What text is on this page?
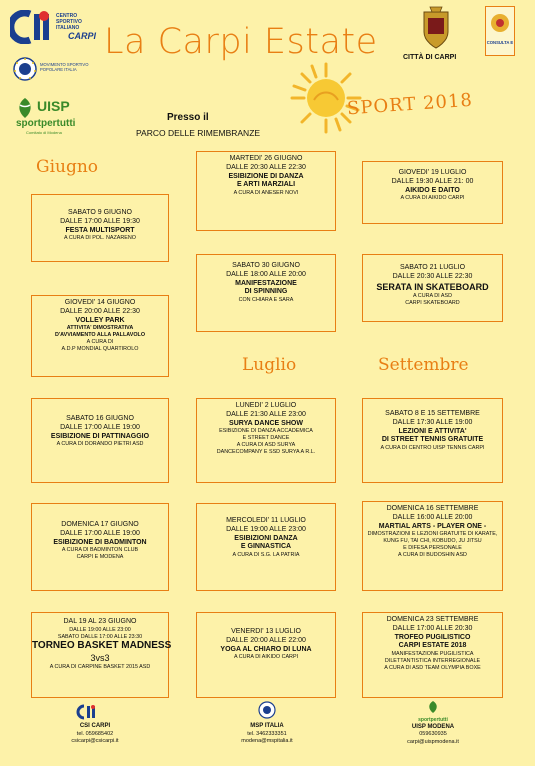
CENTRO
SPORTIVO
ITALIANO
CARPI
MOVIMENTO SPORTIVO
POPOLARE ITALIA
UISP
sportpertutti
Comitato di Modena
La Carpi Estate
SPORT 2018
CITTÀ DI CARPI
CONSULTA E
Presso il
PARCO DELLE RIMEMBRANZE
Giugno
Luglio	Settembre
MARTEDI' 26 GIUGNO
DALLE 20:30 ALLE 22:30
ESIBIZIONE DI DANZA
E ARTI MARZIALI
A CURA DI ANESER NOVI
GIOVEDI' 19 LUGLIO
DALLE 19:30 ALLE 21: 00
AIKIDO E DAITO
A CURA DI AIKIDO CARPI
SABATO 9 GIUGNO
DALLE 17:00 ALLE 19:30
FESTA MULTISPORT
A CURA DI POL. NAZARENO
SABATO 30 GIUGNO
DALLE 18:00 ALLE 20:00
MANIFESTAZIONE
DI SPINNING
CON CHIARA E SARA
SABATO 21 LUGLIO
DALLE 20:30 ALLE 22:30
SERATA IN SKATEBOARD
A CURA DI ASD
CARPI SKATEBOARD
GIOVEDI' 14 GIUGNO
DALLE 20:00 ALLE 22:30
VOLLEY PARK
ATTIVITA' DIMOSTRATIVA
D'AVVIAMENTO ALLA PALLAVOLO
A CURA DI
A.D.P MONDIAL QUARTIROLO
SABATO 16 GIUGNO
DALLE 17:00 ALLE 19:00
ESIBIZIONE DI PATTINAGGIO
A CURA DI DORANDO PIETRI ASD
LUNEDI' 2 LUGLIO
DALLE 21:30 ALLE 23:00
SURYA DANCE SHOW
ESIBIZIONE DI DANZA ACCADEMICA
E STREET DANCE
A CURA DI ASD SURYA
DANCECOMPANY E SSD SURYA A R.L.
SABATO 8 E 15 SETTEMBRE
DALLE 17:30 ALLE 19:00
LEZIONI E ATTIVITA'
DI STREET TENNIS GRATUITE
A CURA DI CENTRO UISP TENNIS CARPI
DOMENICA 17 GIUGNO
DALLE 17:00 ALLE 19:00
ESIBIZIONE DI BADMINTON
A CURA DI BADMINTON CLUB
CARPI E MODENA
MERCOLEDI' 11 LUGLIO
DALLE 19:00 ALLE 23:00
ESIBIZIONI DANZA
E GINNASTICA
A CURA DI S.G. LA PATRIA
DOMENICA 16 SETTEMBRE
DALLE 16:00 ALLE 20:00
MARTIAL ARTS - PLAYER ONE -
DIMOSTRAZIONI E LEZIONI GRATUITE DI KARATE,
KUNG FU, TAI CHI, KOBUDO, JU JITSU
E DIFESA PERSONALE
A CURA DI BUDOSHIN ASD
DAL 19 AL 23 GIUGNO
DALLE 19:00 ALLE 23:00
SABATO DALLE 17:00 ALLE 23:30
TORNEO BASKET MADNESS
3vs3
A CURA DI CARPINE BASKET 2015 ASD
VENERDI' 13 LUGLIO
DALLE 20:00 ALLE 22:00
YOGA AL CHIARO DI LUNA
A CURA DI AIKIDO CARPI
DOMENICA 23 SETTEMBRE
DALLE 17:00 ALLE 20:30
TROFEO PUGILISTICO
CARPI ESTATE 2018
MANIFESTAZIONE PUGILISTICA
DILETTANTISTICA INTERREGIONALE
A CURA DI ASD TEAM OLYMPIA BOXE
CSI CARPI
tel. 059685402
csicarpi@csicarpi.it
MSP ITALIA
tel. 3462333351
modena@mspitalia.it
sportpertutti
UISP MODENA
059630935
carpi@uispmodena.it
